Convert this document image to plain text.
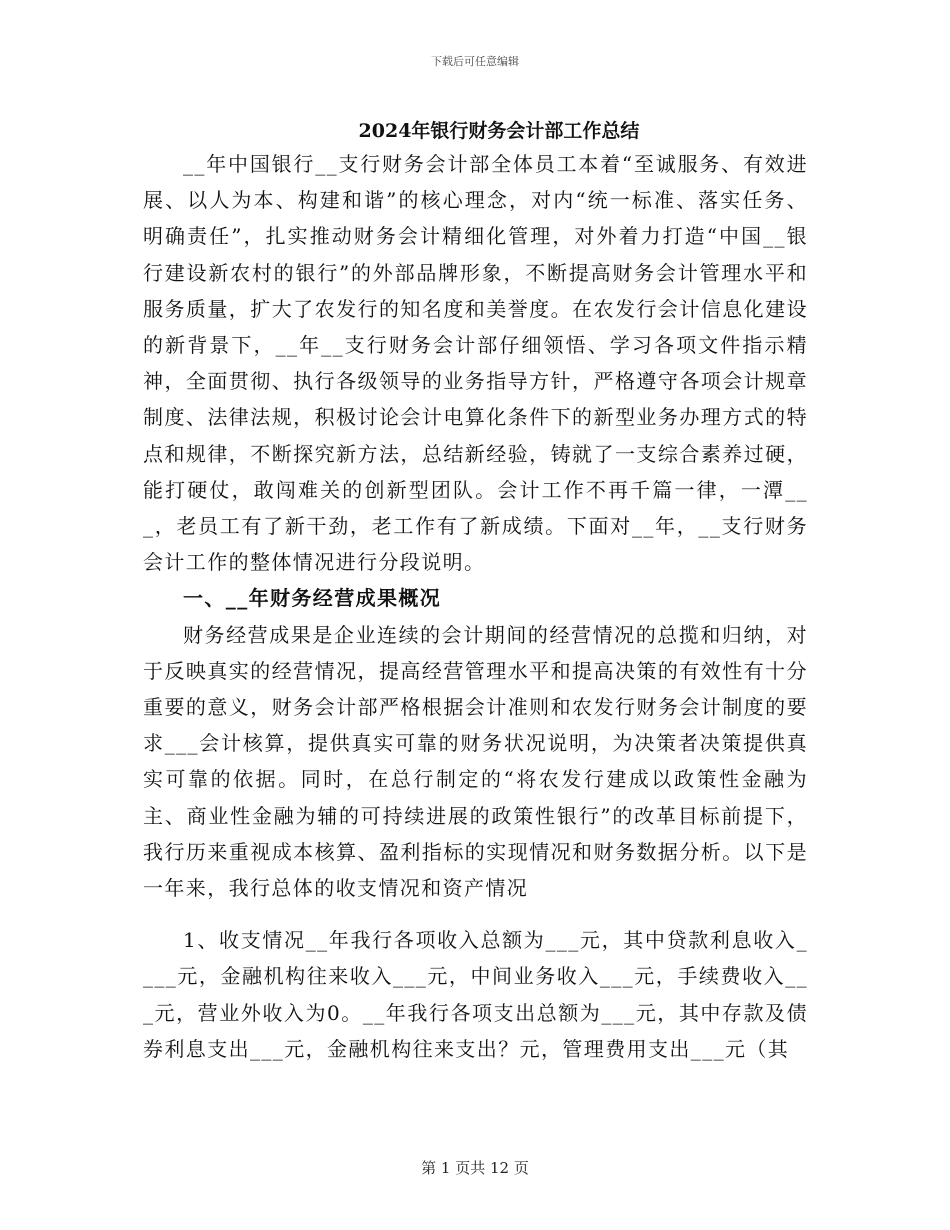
下载后可任意编辑
2024年银行财务会计部工作总结

__年中国银行__支行财务会计部全体员工本着“至诚服务、有效进展、以人为本、构建和谐”的核心理念，对内“统一标准、落实任务、明确责任”，扎实推动财务会计精细化管理，对外着力打造“中国__银行建设新农村的银行”的外部品牌形象，不断提高财务会计管理水平和服务质量，扩大了农发行的知名度和美誉度。在农发行会计信息化建设的新背景下，__年__支行财务会计部仔细领悟、学习各项文件指示精神，全面贯彻、执行各级领导的业务指导方针，严格遵守各项会计规章制度、法律法规，积极讨论会计电算化条件下的新型业务办理方式的特点和规律，不断探究新方法，总结新经验，铸就了一支综合素养过硬，能打硬仗，敢闯难关的创新型团队。会计工作不再千篇一律，一潭___，老员工有了新干劲，老工作有了新成绩。下面对__年，__支行财务会计工作的整体情况进行分段说明。

一、__年财务经营成果概况

财务经营成果是企业连续的会计期间的经营情况的总揽和归纳，对于反映真实的经营情况，提高经营管理水平和提高决策的有效性有十分重要的意义，财务会计部严格根据会计准则和农发行财务会计制度的要求___会计核算，提供真实可靠的财务状况说明，为决策者决策提供真实可靠的依据。同时，在总行制定的“将农发行建成以政策性金融为主、商业性金融为辅的可持续进展的政策性银行”的改革目标前提下，我行历来重视成本核算、盈利指标的实现情况和财务数据分析。以下是一年来，我行总体的收支情况和资产情况

1、收支情况__年我行各项收入总额为___元，其中贷款利息收入____元，金融机构往来收入___元，中间业务收入___元，手续费收入___元，营业外收入为0。__年我行各项支出总额为___元，其中存款及债券利息支出___元，金融机构往来支出？元，管理费用支出___元（其

第 1 页共 12 页
